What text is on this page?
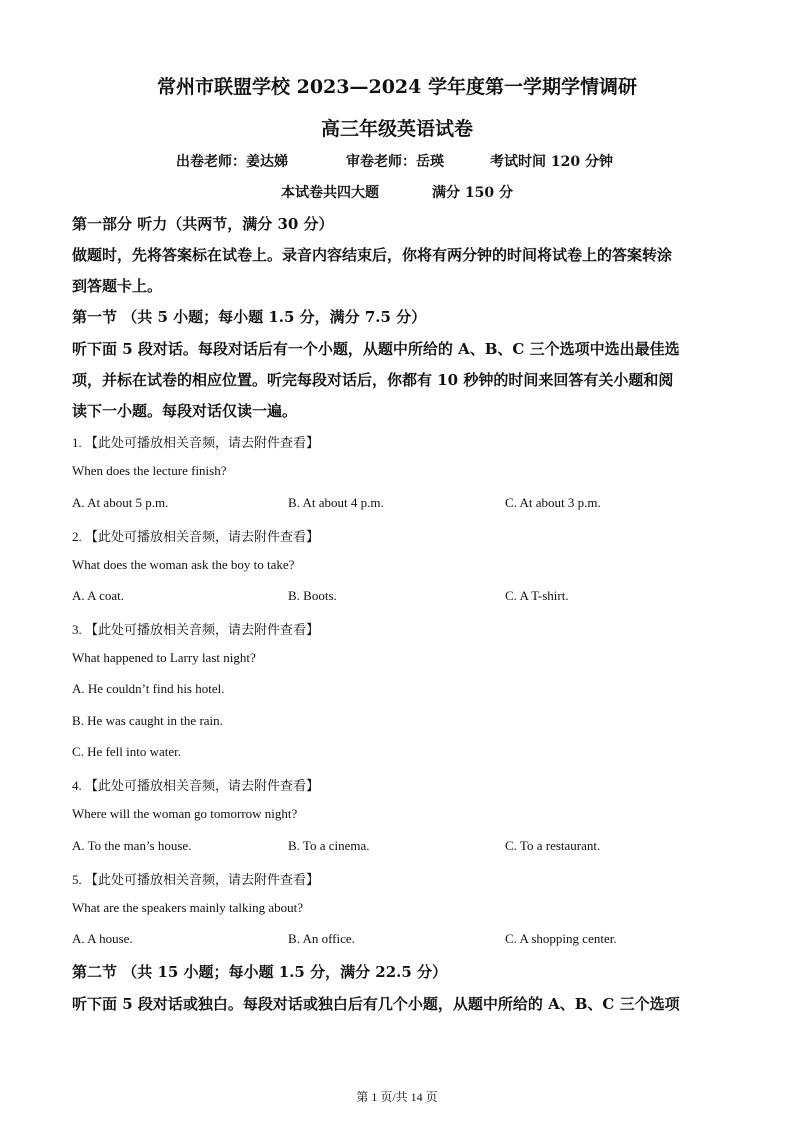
常州市联盟学校 2023—2024 学年度第一学期学情调研
高三年级英语试卷
出卷老师：姜达娣	审卷老师：岳瑛	考试时间 120 分钟
本试卷共四大题	满分 150 分
第一部分 听力（共两节，满分 30 分）
做题时，先将答案标在试卷上。录音内容结束后，你将有两分钟的时间将试卷上的答案转涂
到答题卡上。
第一节 （共 5 小题；每小题 1.5 分，满分 7.5 分）
听下面 5 段对话。每段对话后有一个小题，从题中所给的 A、B、C 三个选项中选出最佳选
项，并标在试卷的相应位置。听完每段对话后，你都有 10 秒钟的时间来回答有关小题和阅
读下一小题。每段对话仅读一遍。
1. 【此处可播放相关音频，请去附件查看】
When does the lecture finish?
A. At about 5 p.m.	B. At about 4 p.m.	C. At about 3 p.m.
2. 【此处可播放相关音频，请去附件查看】
What does the woman ask the boy to take?
A. A coat.	B. Boots.	C. A T-shirt.
3. 【此处可播放相关音频，请去附件查看】
What happened to Larry last night?
A. He couldn’t find his hotel.
B. He was caught in the rain.
C. He fell into water.
4. 【此处可播放相关音频，请去附件查看】
Where will the woman go tomorrow night?
A. To the man’s house.	B. To a cinema.	C. To a restaurant.
5. 【此处可播放相关音频，请去附件查看】
What are the speakers mainly talking about?
A. A house.	B. An office.	C. A shopping center.
第二节 （共 15 小题；每小题 1.5 分，满分 22.5 分）
听下面 5 段对话或独白。每段对话或独白后有几个小题，从题中所给的 A、B、C 三个选项
第 1 页/共 14 页
